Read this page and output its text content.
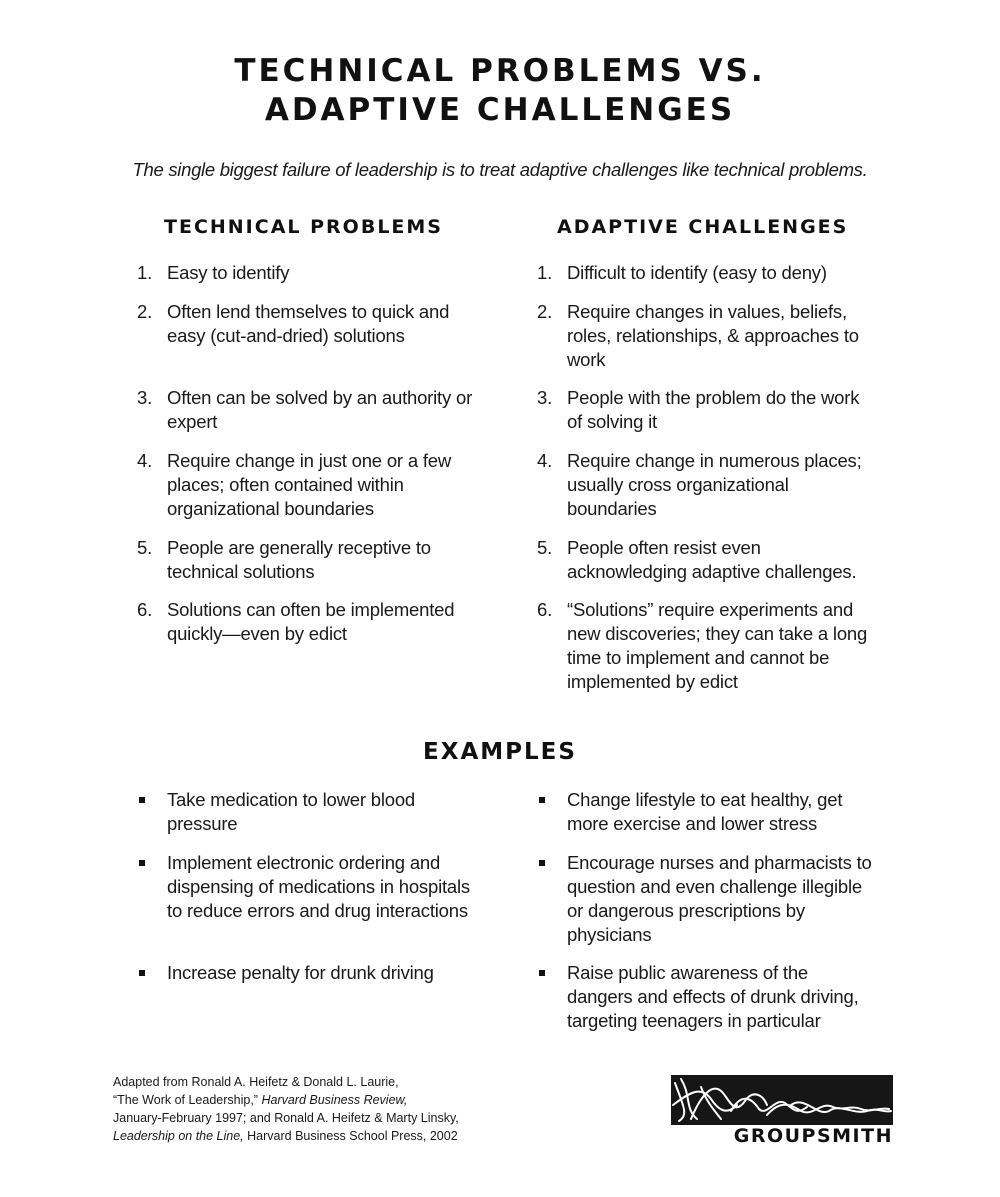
TECHNICAL PROBLEMS VS.
ADAPTIVE CHALLENGES
The single biggest failure of leadership is to treat adaptive challenges like technical problems.
TECHNICAL PROBLEMS	ADAPTIVE CHALLENGES
1. Easy to identify
2. Often lend themselves to quick and easy (cut-and-dried) solutions
3. Often can be solved by an authority or expert
4. Require change in just one or a few places; often contained within organizational boundaries
5. People are generally receptive to technical solutions
6. Solutions can often be implemented quickly—even by edict
1. Difficult to identify (easy to deny)
2. Require changes in values, beliefs, roles, relationships, & approaches to work
3. People with the problem do the work of solving it
4. Require change in numerous places; usually cross organizational boundaries
5. People often resist even acknowledging adaptive challenges.
6. “Solutions” require experiments and new discoveries; they can take a long time to implement and cannot be implemented by edict
EXAMPLES
Take medication to lower blood pressure
Implement electronic ordering and dispensing of medications in hospitals to reduce errors and drug interactions
Increase penalty for drunk driving
Change lifestyle to eat healthy, get more exercise and lower stress
Encourage nurses and pharmacists to question and even challenge illegible or dangerous prescriptions by physicians
Raise public awareness of the dangers and effects of drunk driving, targeting teenagers in particular
Adapted from Ronald A. Heifetz & Donald L. Laurie,
“The Work of Leadership,” Harvard Business Review,
January-February 1997; and Ronald A. Heifetz & Marty Linsky,
Leadership on the Line, Harvard Business School Press, 2002	GROUPSMITH
